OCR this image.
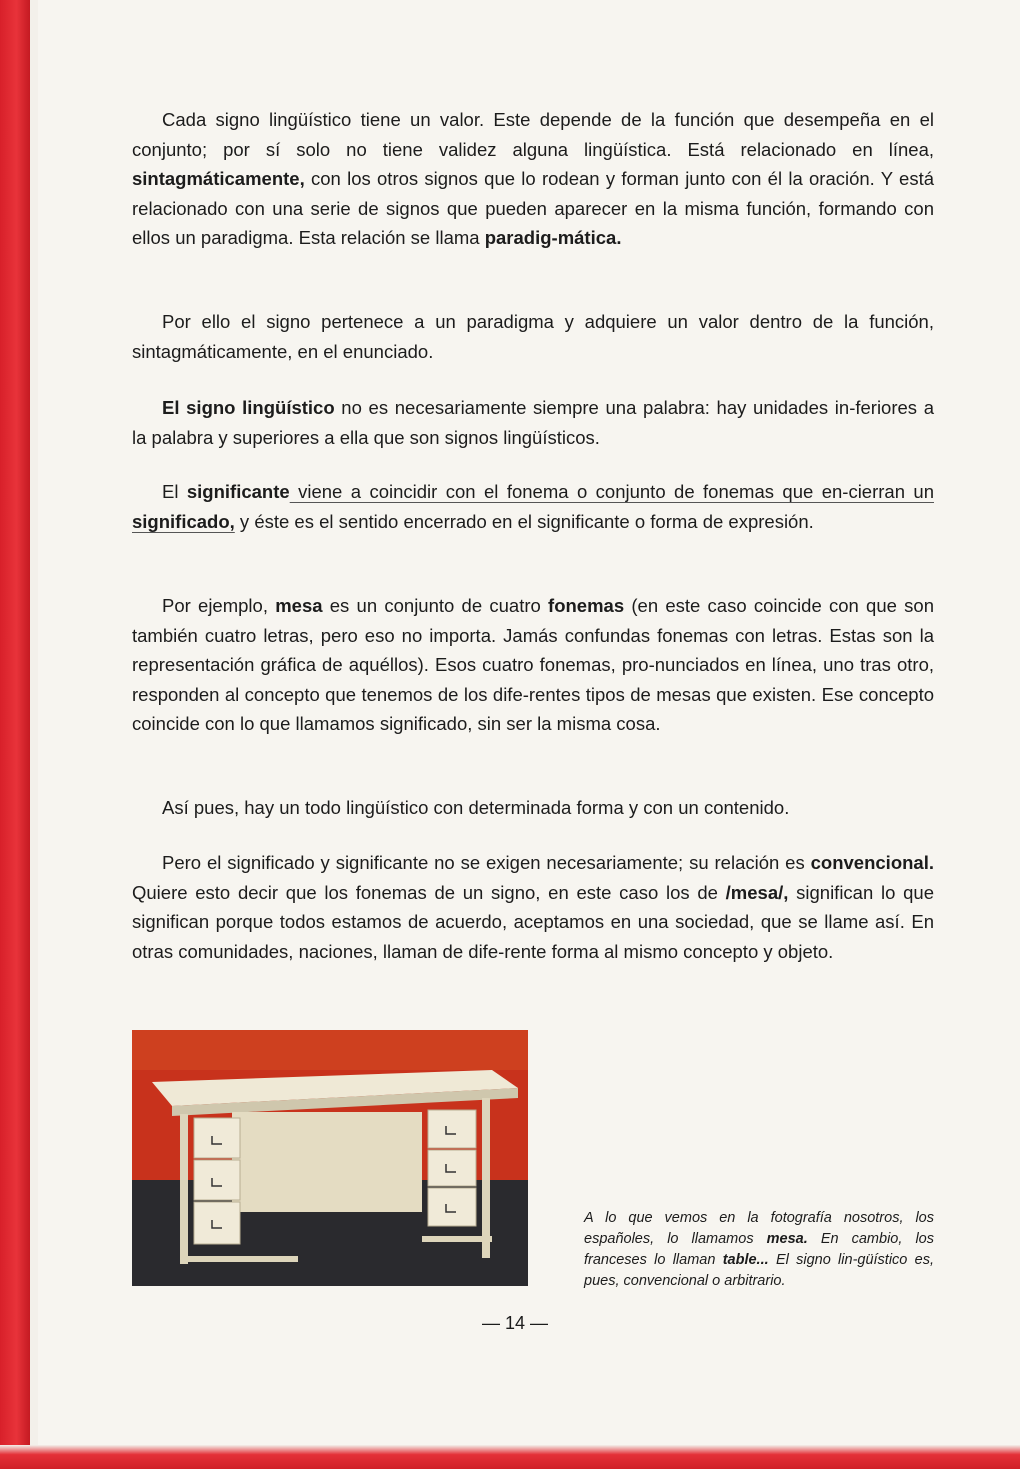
Cada signo lingüístico tiene un valor. Este depende de la función que desempeña en el conjunto; por sí solo no tiene validez alguna lingüística. Está relacionado en línea, sintagmáticamente, con los otros signos que lo rodean y forman junto con él la oración. Y está relacionado con una serie de signos que pueden aparecer en la misma función, formando con ellos un paradigma. Esta relación se llama paradig-mática.

Por ello el signo pertenece a un paradigma y adquiere un valor dentro de la función, sintagmáticamente, en el enunciado.

El signo lingüístico no es necesariamente siempre una palabra: hay unidades in-feriores a la palabra y superiores a ella que son signos lingüísticos.

El significante viene a coincidir con el fonema o conjunto de fonemas que en-cierran un significado, y éste es el sentido encerrado en el significante o forma de expresión.

Por ejemplo, mesa es un conjunto de cuatro fonemas (en este caso coincide con que son también cuatro letras, pero eso no importa. Jamás confundas fonemas con letras. Estas son la representación gráfica de aquéllos). Esos cuatro fonemas, pro-nunciados en línea, uno tras otro, responden al concepto que tenemos de los dife-rentes tipos de mesas que existen. Ese concepto coincide con lo que llamamos significado, sin ser la misma cosa.

Así pues, hay un todo lingüístico con determinada forma y con un contenido.

Pero el significado y significante no se exigen necesariamente; su relación es convencional. Quiere esto decir que los fonemas de un signo, en este caso los de /mesa/, significan lo que significan porque todos estamos de acuerdo, aceptamos en una sociedad, que se llame así. En otras comunidades, naciones, llaman de dife-rente forma al mismo concepto y objeto.

A lo que vemos en la fotografía nosotros, los españoles, lo llamamos mesa. En cambio, los franceses lo llaman table... El signo lin-güístico es, pues, convencional o arbitrario.
— 14 —
